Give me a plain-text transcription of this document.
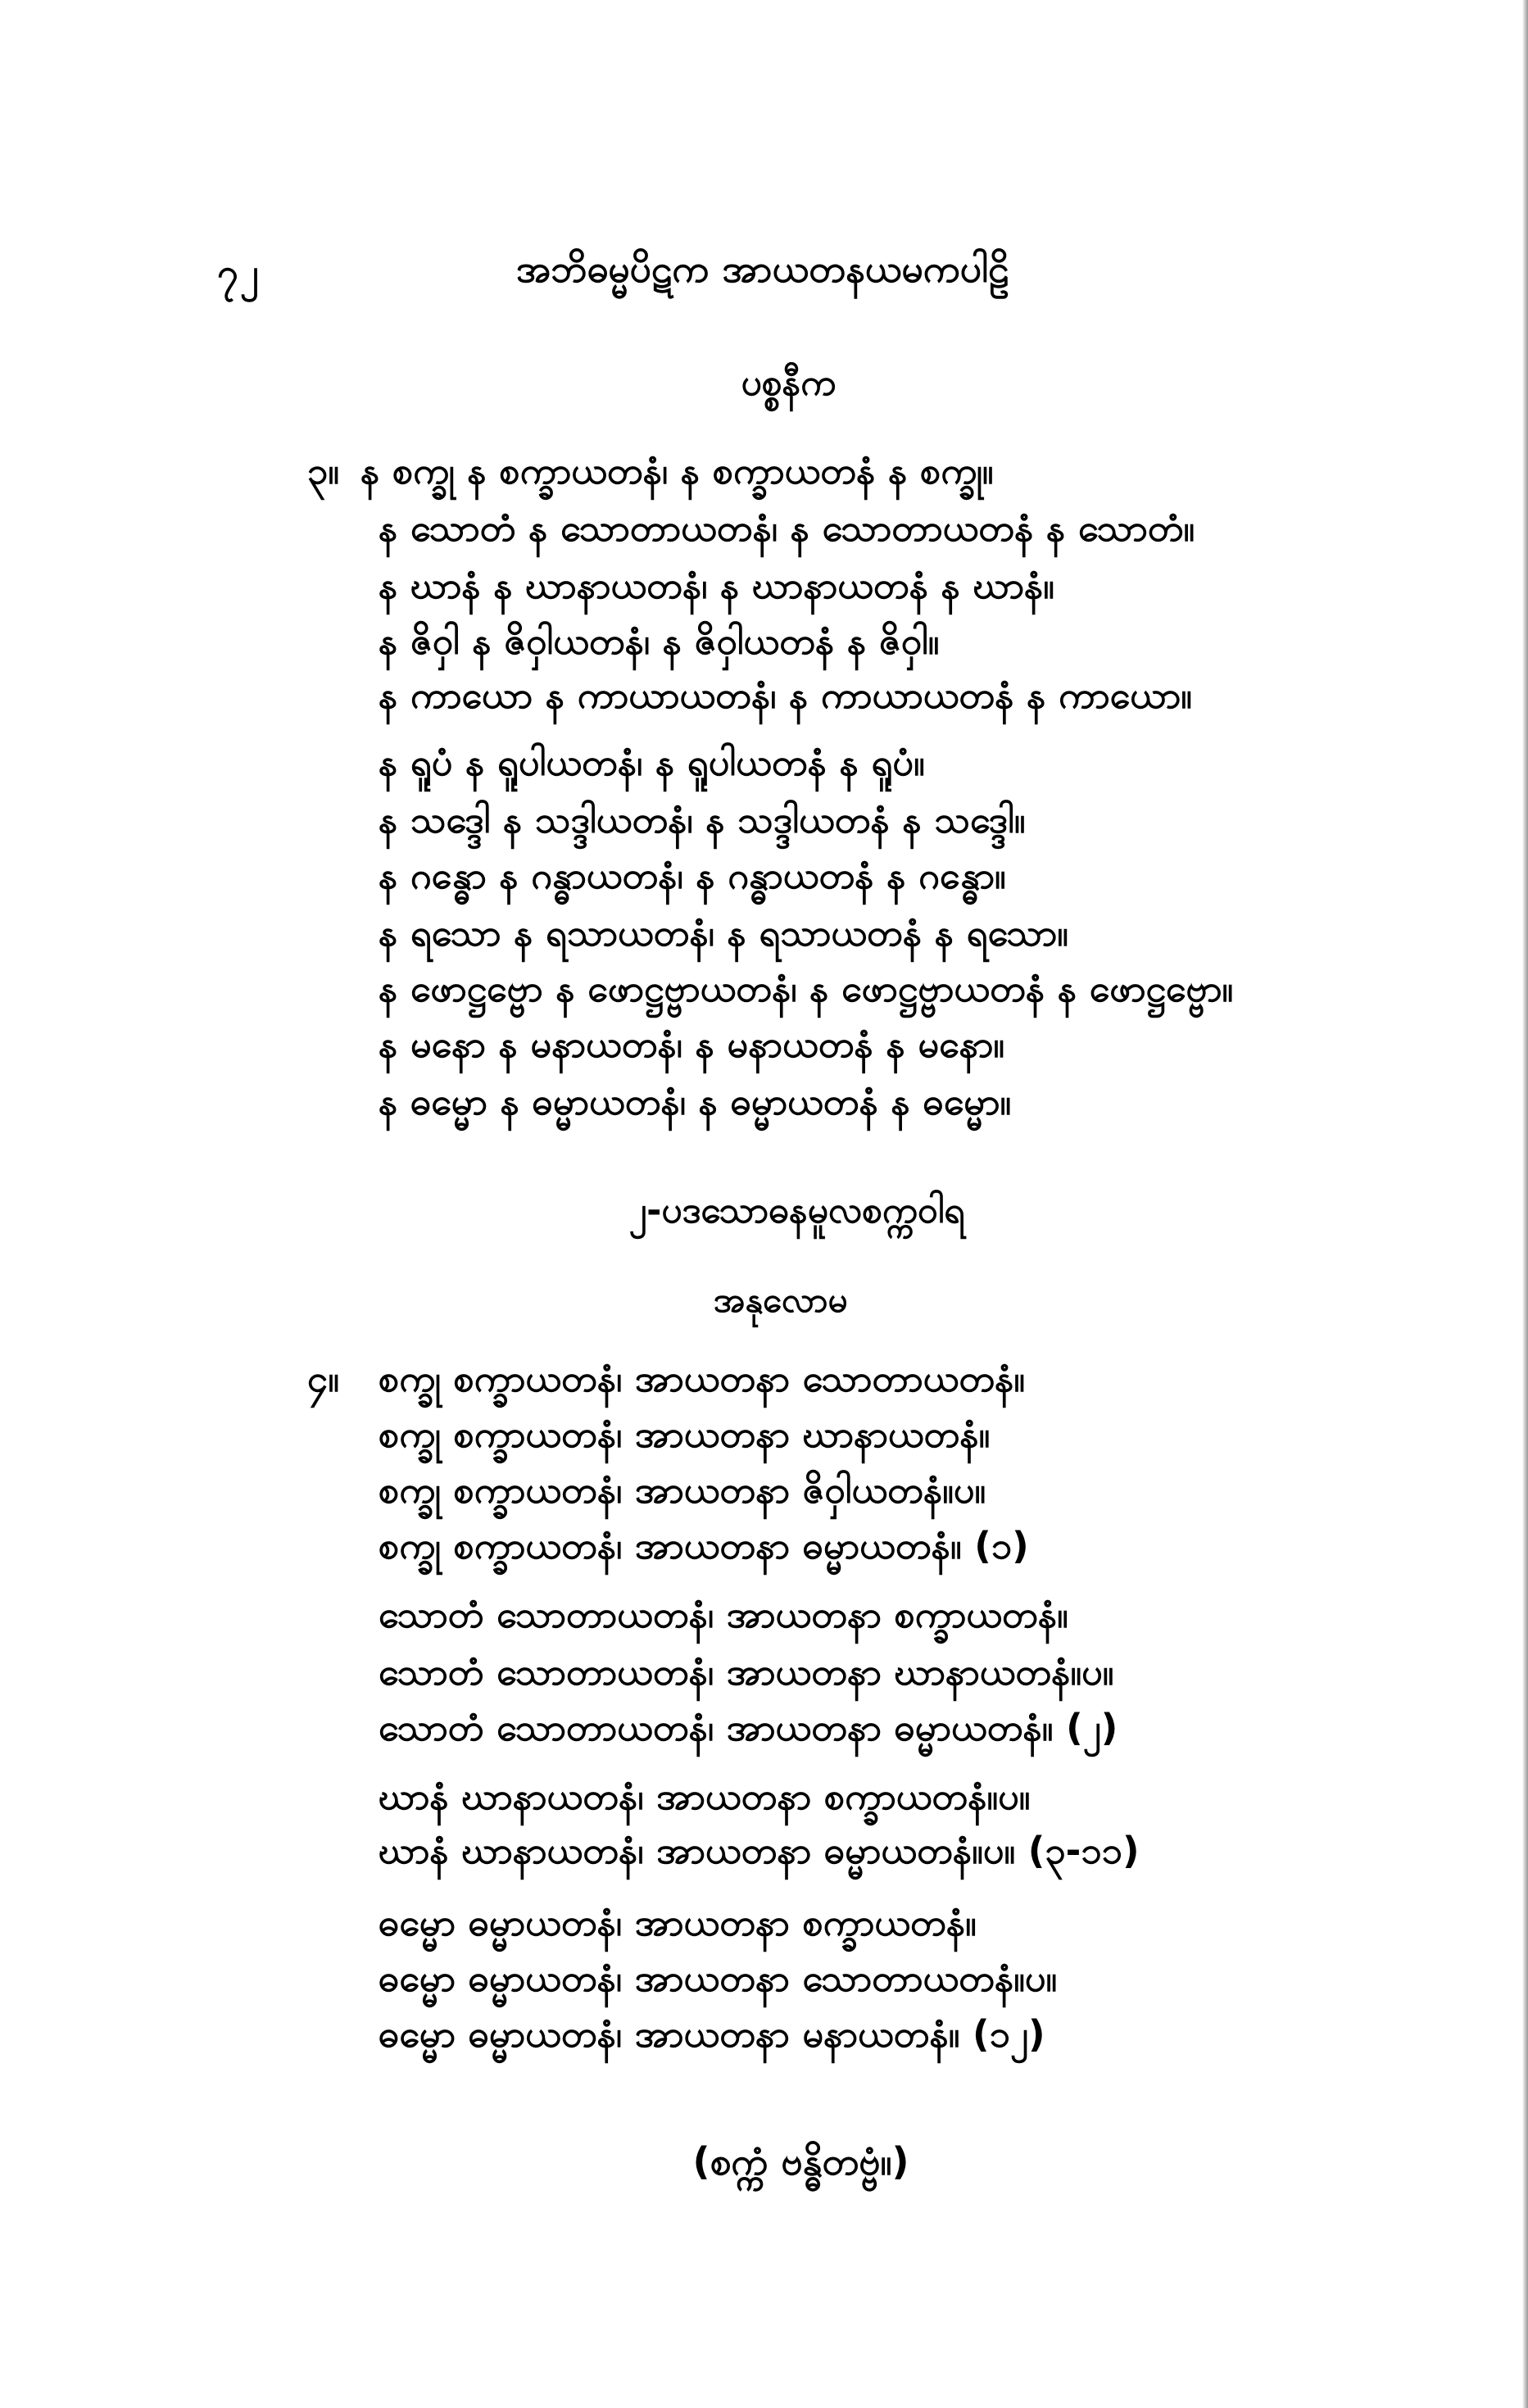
၇၂	အဘိဓမ္မပိဋက အာယတနယမကပါဠိ
ပစ္စနီက
၃။ န စက္ခု န စက္ခာယတနံ၊ န စက္ခာယတနံ န စက္ခု။
န သောတံ န သောတာယတနံ၊ န သောတာယတနံ န သောတံ။
န ဃာနံ န ဃာနာယတနံ၊ န ဃာနာယတနံ န ဃာနံ။
န ဇိဝှါ န ဇိဝှါယတနံ၊ န ဇိဝှါယတနံ န ဇိဝှါ။
န ကာယော န ကာယာယတနံ၊ န ကာယာယတနံ န ကာယော။
န ရူပံ န ရူပါယတနံ၊ န ရူပါယတနံ န ရူပံ။
န သဒ္ဒေါ န သဒ္ဒါယတနံ၊ န သဒ္ဒါယတနံ န သဒ္ဒေါ။
န ဂန္ဓော န ဂန္ဓာယတနံ၊ န ဂန္ဓာယတနံ န ဂန္ဓော။
န ရသော န ရသာယတနံ၊ န ရသာယတနံ န ရသော။
န ဖောဋ္ဌဗ္ဗော န ဖောဋ္ဌဗ္ဗာယတနံ၊ န ဖောဋ္ဌဗ္ဗာယတနံ န ဖောဋ္ဌဗ္ဗော။
န မနော န မနာယတနံ၊ န မနာယတနံ န မနော။
န ဓမ္မော န ဓမ္မာယတနံ၊ န ဓမ္မာယတနံ န ဓမ္မော။
၂-ပဒသောဓနမူလစက္ကဝါရ
အနုလောမ
၄။ စက္ခု စက္ခာယတနံ၊ အာယတနာ သောတာယတနံ။
စက္ခု စက္ခာယတနံ၊ အာယတနာ ဃာနာယတနံ။
စက္ခု စက္ခာယတနံ၊ အာယတနာ ဇိဝှါယတနံ။ပ။
စက္ခု စက္ခာယတနံ၊ အာယတနာ ဓမ္မာယတနံ။ (၁)
သောတံ သောတာယတနံ၊ အာယတနာ စက္ခာယတနံ။
သောတံ သောတာယတနံ၊ အာယတနာ ဃာနာယတနံ။ပ။
သောတံ သောတာယတနံ၊ အာယတနာ ဓမ္မာယတနံ။ (၂)
ဃာနံ ဃာနာယတနံ၊ အာယတနာ စက္ခာယတနံ။ပ။
ဃာနံ ဃာနာယတနံ၊ အာယတနာ ဓမ္မာယတနံ။ပ။ (၃-၁၁)
ဓမ္မော ဓမ္မာယတနံ၊ အာယတနာ စက္ခာယတနံ။
ဓမ္မော ဓမ္မာယတနံ၊ အာယတနာ သောတာယတနံ။ပ။
ဓမ္မော ဓမ္မာယတနံ၊ အာယတနာ မနာယတနံ။ (၁၂)
(စက္ကံ ဗန္ဓိတဗ္ဗံ။)
